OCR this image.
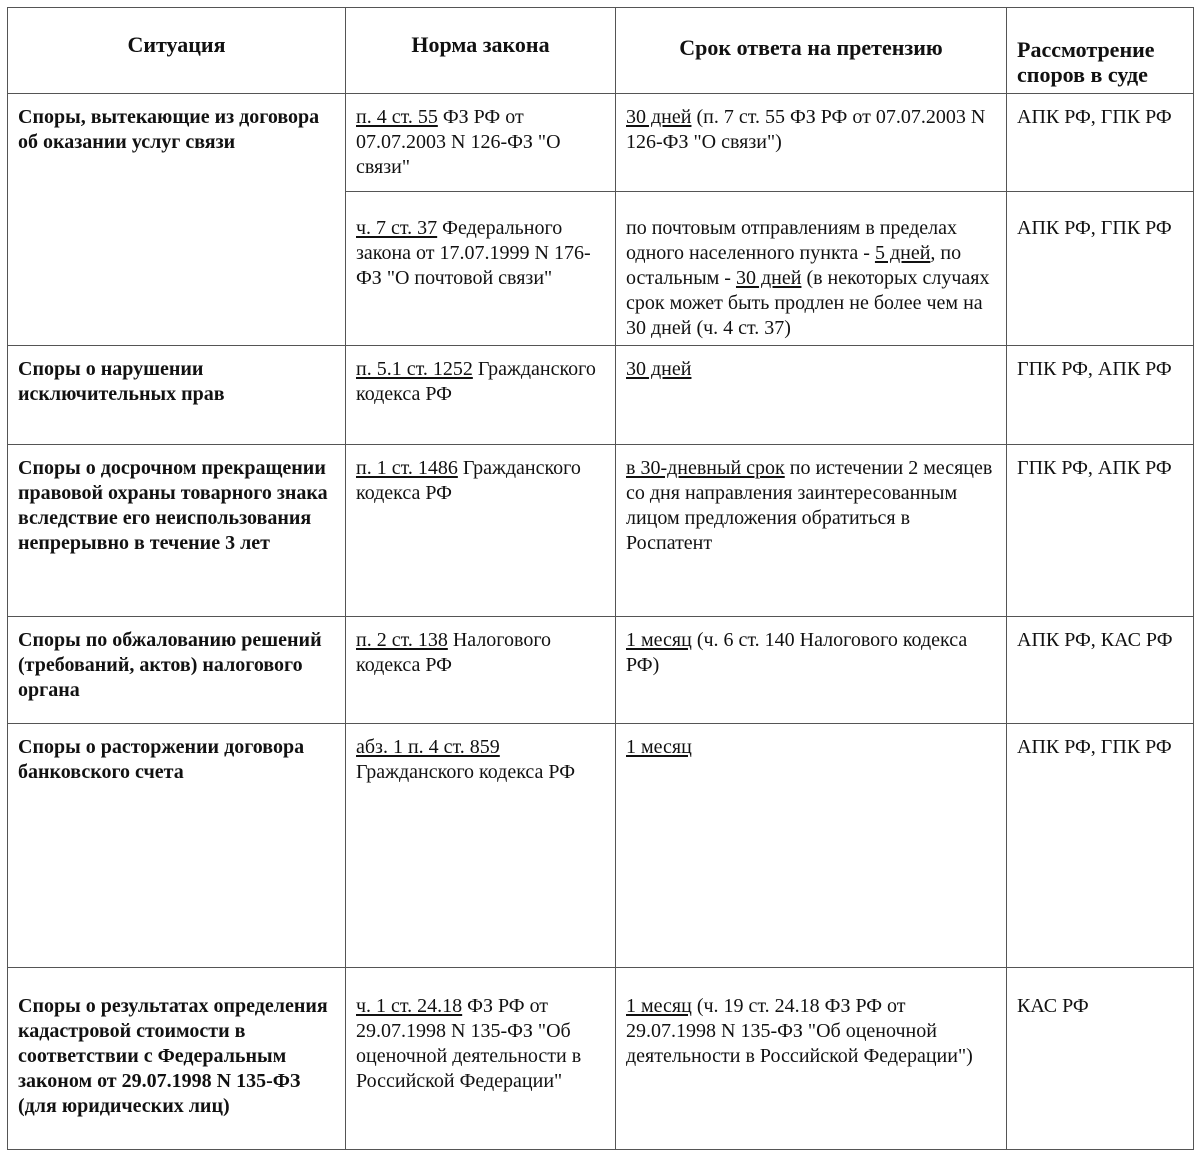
Ситуация	Норма закона	Срок ответа на претензию	Рассмотрение споров в суде
Споры, вытекающие из договора об оказании услуг связи	п. 4 ст. 55 ФЗ РФ от 07.07.2003 N 126-ФЗ "О связи"	30 дней (п. 7 ст. 55 ФЗ РФ от 07.07.2003 N 126-ФЗ "О связи")	АПК РФ, ГПК РФ
	ч. 7 ст. 37 Федерального закона от 17.07.1999 N 176-ФЗ "О почтовой связи"	по почтовым отправлениям в пределах одного населенного пункта - 5 дней, по остальным - 30 дней (в некоторых случаях срок может быть продлен не более чем на 30 дней (ч. 4 ст. 37)	АПК РФ, ГПК РФ
Споры о нарушении исключительных прав	п. 5.1 ст. 1252 Гражданского кодекса РФ	30 дней	ГПК РФ, АПК РФ
Споры о досрочном прекращении правовой охраны товарного знака вследствие его неиспользования непрерывно в течение 3 лет	п. 1 ст. 1486 Гражданского кодекса РФ	в 30-дневный срок по истечении 2 месяцев со дня направления заинтересованным лицом предложения обратиться в Роспатент	ГПК РФ, АПК РФ
Споры по обжалованию решений (требований, актов) налогового органа	п. 2 ст. 138 Налогового кодекса РФ	1 месяц (ч. 6 ст. 140 Налогового кодекса РФ)	АПК РФ, КАС РФ
Споры о расторжении договора банковского счета	абз. 1 п. 4 ст. 859 Гражданского кодекса РФ	1 месяц	АПК РФ, ГПК РФ
Споры о результатах определения кадастровой стоимости в соответствии с Федеральным законом от 29.07.1998 N 135-ФЗ (для юридических лиц)	ч. 1 ст. 24.18 ФЗ РФ от 29.07.1998 N 135-ФЗ "Об оценочной деятельности в Российской Федерации"	1 месяц (ч. 19 ст. 24.18 ФЗ РФ от 29.07.1998 N 135-ФЗ "Об оценочной деятельности в Российской Федерации")	КАС РФ
